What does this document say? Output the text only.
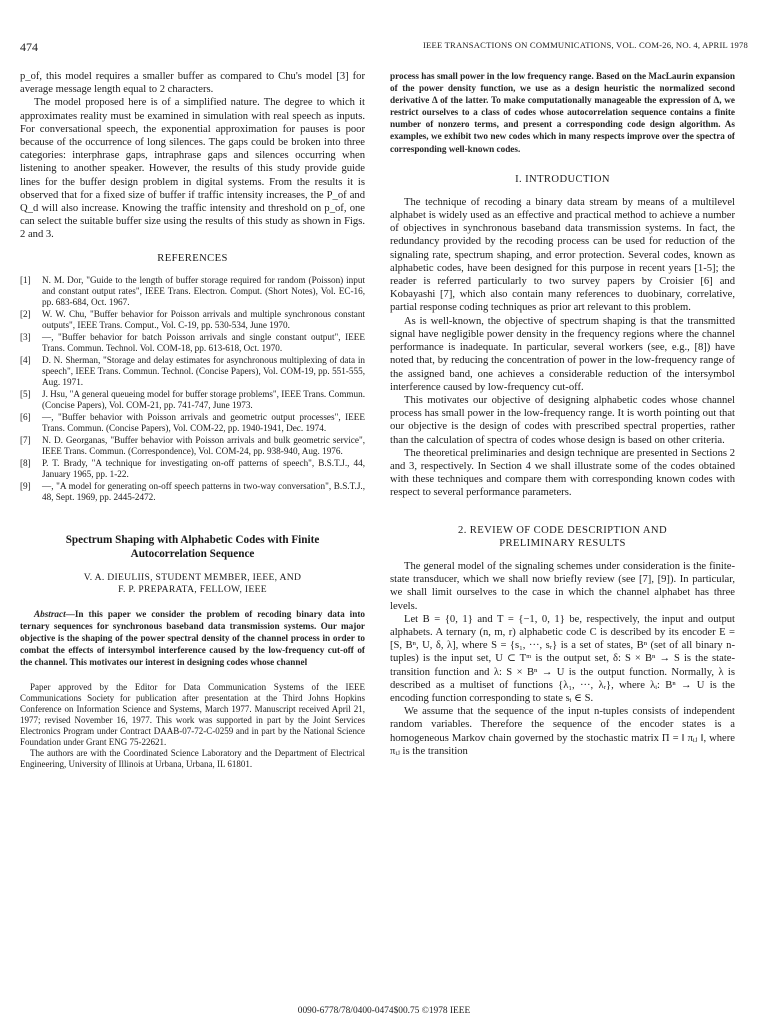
474	IEEE TRANSACTIONS ON COMMUNICATIONS, VOL. COM-26, NO. 4, APRIL 1978

p_of, this model requires a smaller buffer as compared to Chu's model [3] for average message length equal to 2 characters.

The model proposed here is of a simplified nature. The degree to which it approximates reality must be examined in simulation with real speech as inputs. For conversational speech, the exponential approximation for pauses is poor because of the occurrence of long silences. The gaps could be broken into three categories: interphrase gaps, intraphrase gaps and silences occurring when listening to another speaker. However, the results of this study provide guide lines for the buffer design problem in digital systems. From the results it is observed that for a fixed size of buffer if traffic intensity increases, the P_of and Q_d will also increase. Knowing the traffic intensity and threshold on p_of, one can select the suitable buffer size using the results of this study as shown in Figs. 2 and 3.

REFERENCES
[1] N. M. Dor, "Guide to the length of buffer storage required for random (Poisson) input and constant output rates", IEEE Trans. Electron. Comput. (Short Notes), Vol. EC-16, pp. 683-684, Oct. 1967.
[2] W. W. Chu, "Buffer behavior for Poisson arrivals and multiple synchronous constant outputs", IEEE Trans. Comput., Vol. C-19, pp. 530-534, June 1970.
[3] —, "Buffer behavior for batch Poisson arrivals and single constant output", IEEE Trans. Commun. Technol. Vol. COM-18, pp. 613-618, Oct. 1970.
[4] D. N. Sherman, "Storage and delay estimates for asynchronous multiplexing of data in speech", IEEE Trans. Commun. Technol. (Concise Papers), Vol. COM-19, pp. 551-555, Aug. 1971.
[5] J. Hsu, "A general queueing model for buffer storage problems", IEEE Trans. Commun. (Concise Papers), Vol. COM-21, pp. 741-747, June 1973.
[6] —, "Buffer behavior with Poisson arrivals and geometric output processes", IEEE Trans. Commun. (Concise Papers), Vol. COM-22, pp. 1940-1941, Dec. 1974.
[7] N. D. Georganas, "Buffer behavior with Poisson arrivals and bulk geometric service", IEEE Trans. Commun. (Correspondence), Vol. COM-24, pp. 938-940, Aug. 1976.
[8] P. T. Brady, "A technique for investigating on-off patterns of speech", B.S.T.J., 44, January 1965, pp. 1-22.
[9] —, "A model for generating on-off speech patterns in two-way conversation", B.S.T.J., 48, Sept. 1969, pp. 2445-2472.
Spectrum Shaping with Alphabetic Codes with Finite
Autocorrelation Sequence
V. A. DIEULIIS, STUDENT MEMBER, IEEE, AND
F. P. PREPARATA, FELLOW, IEEE

Abstract—In this paper we consider the problem of recoding binary data into ternary sequences for synchronous baseband data transmission systems. Our major objective is the shaping of the power spectral density of the channel process in order to combat the effects of intersymbol interference caused by the low-frequency cut-off of the channel. This motivates our interest in designing codes whose channel

Paper approved by the Editor for Data Communication Systems of the IEEE Communications Society for publication after presentation at the Third Johns Hopkins Conference on Information Science and Systems, March 1977. Manuscript received April 21, 1977; revised November 16, 1977. This work was supported in part by the Joint Services Electronics Program under Contract DAAB-07-72-C-0259 and in part by the National Science Foundation under Grant ENG 75-22621.

The authors are with the Coordinated Science Laboratory and the Department of Electrical Engineering, University of Illinois at Urbana, Urbana, IL 61801.

process has small power in the low frequency range. Based on the MacLaurin expansion of the power density function, we use as a design heuristic the normalized second derivative Δ of the latter. To make computationally manageable the expression of Δ, we restrict ourselves to a class of codes whose autocorrelation sequence contains a finite number of nonzero terms, and present a corresponding code design algorithm. As examples, we exhibit two new codes which in many respects improve over the spectra of corresponding well-known codes.

I. INTRODUCTION

The technique of recoding a binary data stream by means of a multilevel alphabet is widely used as an effective and practical method to achieve a number of objectives in synchronous baseband data transmission systems. In fact, the redundancy provided by the recoding process can be used for reduction of the signaling rate, spectrum shaping, and error protection. Several codes, known as alphabetic codes, have been designed for this purpose in recent years [1-5]; the reader is referred particularly to two survey papers by Croisier [6] and Kobayashi [7], which also contain many references to duobinary, correlative, partial response coding techniques as prior art relevant to this problem.

As is well-known, the objective of spectrum shaping is that the transmitted signal have negligible power density in the frequency regions where the channel performance is inadequate. In particular, several workers (see, e.g., [8]) have noted that, by reducing the concentration of power in the low-frequency range of the assigned band, one achieves a considerable reduction of the intersymbol interference caused by low-frequency cut-off.

This motivates our objective of designing alphabetic codes whose channel process has small power in the low-frequency range. It is worth pointing out that our objective is the design of codes with prescribed spectral properties, rather than the calculation of spectra of codes whose design is based on other criteria.

The theoretical preliminaries and design technique are presented in Sections 2 and 3, respectively. In Section 4 we shall illustrate some of the codes obtained with these techniques and compare them with corresponding known codes with respect to several performance parameters.

2. REVIEW OF CODE DESCRIPTION AND
PRELIMINARY RESULTS

The general model of the signaling schemes under consideration is the finite-state transducer, which we shall now briefly review (see [7], [9]). In particular, we shall limit ourselves to the case in which the channel alphabet has three levels.

Let B = {0, 1} and T = {−1, 0, 1} be, respectively, the input and output alphabets. A ternary (n, m, r) alphabetic code C is described by its encoder E = [S, Bⁿ, U, δ, λ], where S = {s₁, ···, sᵣ} is a set of states, Bⁿ (set of all binary n-tuples) is the input set, U ⊂ Tᵐ is the output set, δ: S × Bⁿ → S is the state-transition function and λ: S × Bⁿ → U is the output function. Normally, λ is described as a multiset of functions {λ₁, ···, λᵣ}, where λᵢ: Bⁿ → U is the encoding function corresponding to state sᵢ ∈ S.

We assume that the sequence of the input n-tuples consists of independent random variables. Therefore the sequence of the encoder states is a homogeneous Markov chain governed by the stochastic matrix Π = ‖ πᵢⱼ ‖, where πᵢⱼ is the transition

0090-6778/78/0400-0474$00.75 ©1978 IEEE
